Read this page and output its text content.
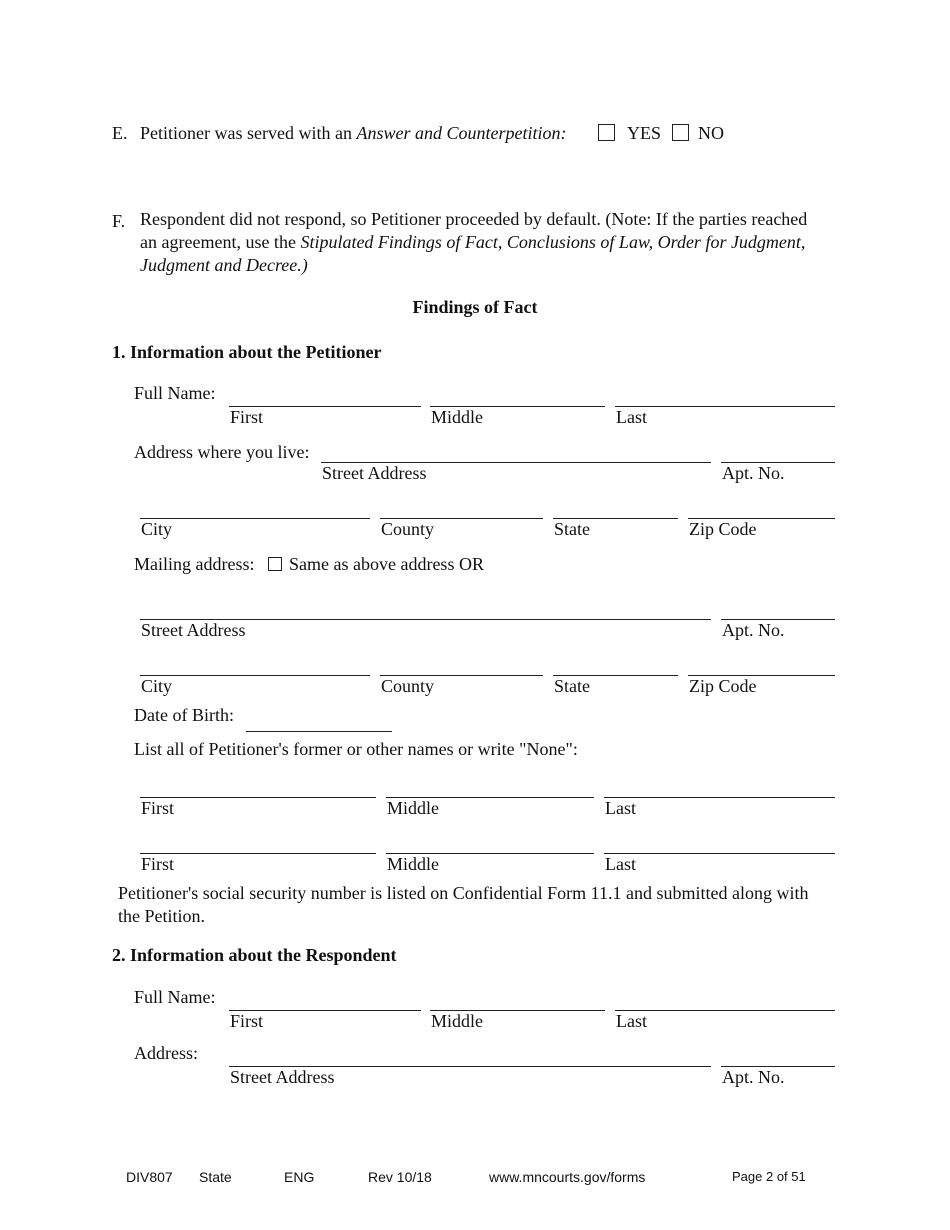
E. Petitioner was served with an Answer and Counterpetition:	YES NO
F. Respondent did not respond, so Petitioner proceeded by default. (Note: If the parties reached
an agreement, use the Stipulated Findings of Fact, Conclusions of Law, Order for Judgment,
Judgment and Decree.)
Findings of Fact
1. Information about the Petitioner
Full Name:
First	Middle	Last
Address where you live:
Street Address	Apt. No.
City	County	State	Zip Code
Mailing address: Same as above address OR
Street Address	Apt. No.
City	County	State	Zip Code
Date of Birth:
List all of Petitioner's former or other names or write "None":
First	Middle	Last
First	Middle	Last
Petitioner's social security number is listed on Confidential Form 11.1 and submitted along with
the Petition.
2. Information about the Respondent
Full Name:
First	Middle	Last
Address:
Street Address	Apt. No.
DIV807 State	ENG	Rev 10/18	www.mncourts.gov/forms	Page 2 of 51
